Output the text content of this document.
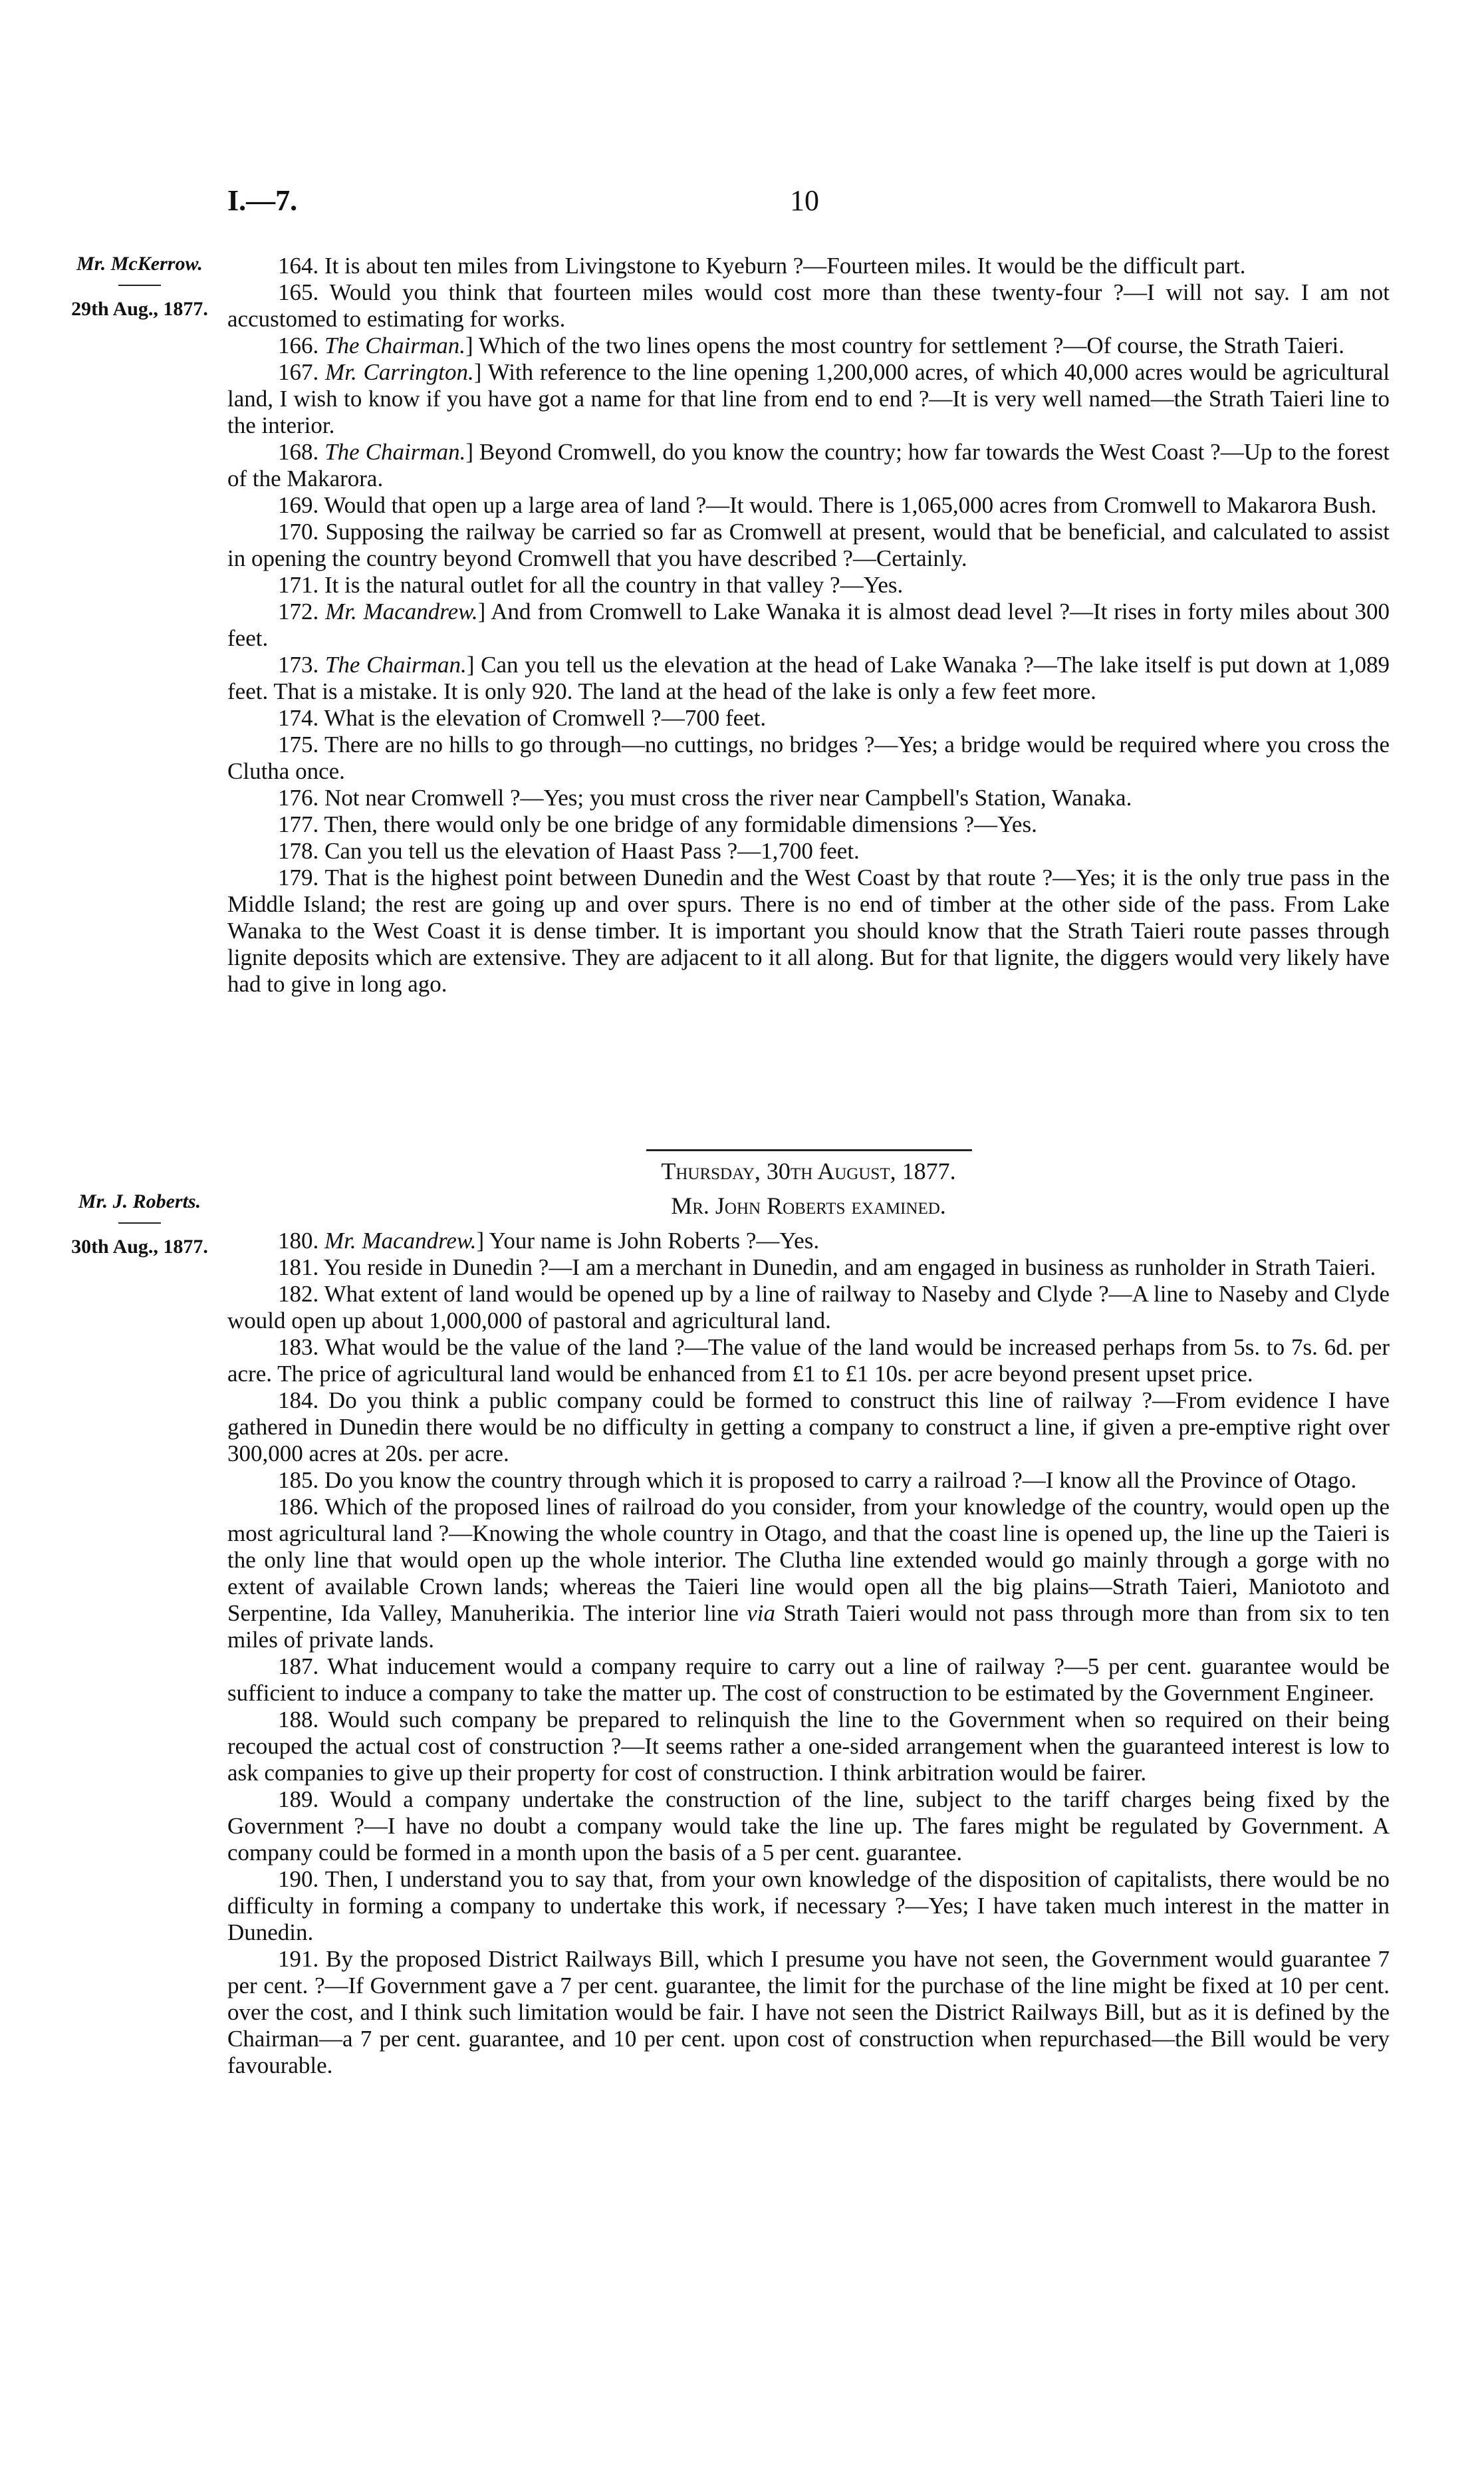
I.—7.	10
Mr. McKerrow.
29th Aug., 1877.
Mr. J. Roberts.
30th Aug., 1877.

164. It is about ten miles from Livingstone to Kyeburn ?—Fourteen miles. It would be the difficult part.

165. Would you think that fourteen miles would cost more than these twenty-four ?—I will not say. I am not accustomed to estimating for works.

166. The Chairman.] Which of the two lines opens the most country for settlement ?—Of course, the Strath Taieri.

167. Mr. Carrington.] With reference to the line opening 1,200,000 acres, of which 40,000 acres would be agricultural land, I wish to know if you have got a name for that line from end to end ?—It is very well named—the Strath Taieri line to the interior.

168. The Chairman.] Beyond Cromwell, do you know the country; how far towards the West Coast ?—Up to the forest of the Makarora.

169. Would that open up a large area of land ?—It would. There is 1,065,000 acres from Cromwell to Makarora Bush.

170. Supposing the railway be carried so far as Cromwell at present, would that be beneficial, and calculated to assist in opening the country beyond Cromwell that you have described ?—Certainly.

171. It is the natural outlet for all the country in that valley ?—Yes.

172. Mr. Macandrew.] And from Cromwell to Lake Wanaka it is almost dead level ?—It rises in forty miles about 300 feet.

173. The Chairman.] Can you tell us the elevation at the head of Lake Wanaka ?—The lake itself is put down at 1,089 feet. That is a mistake. It is only 920. The land at the head of the lake is only a few feet more.

174. What is the elevation of Cromwell ?—700 feet.

175. There are no hills to go through—no cuttings, no bridges ?—Yes; a bridge would be required where you cross the Clutha once.

176. Not near Cromwell ?—Yes; you must cross the river near Campbell's Station, Wanaka.

177. Then, there would only be one bridge of any formidable dimensions ?—Yes.

178. Can you tell us the elevation of Haast Pass ?—1,700 feet.

179. That is the highest point between Dunedin and the West Coast by that route ?—Yes; it is the only true pass in the Middle Island; the rest are going up and over spurs. There is no end of timber at the other side of the pass. From Lake Wanaka to the West Coast it is dense timber. It is important you should know that the Strath Taieri route passes through lignite deposits which are extensive. They are adjacent to it all along. But for that lignite, the diggers would very likely have had to give in long ago.

Thursday, 30th August, 1877.
Mr. John Roberts examined.

180. Mr. Macandrew.] Your name is John Roberts ?—Yes.

181. You reside in Dunedin ?—I am a merchant in Dunedin, and am engaged in business as runholder in Strath Taieri.

182. What extent of land would be opened up by a line of railway to Naseby and Clyde ?—A line to Naseby and Clyde would open up about 1,000,000 of pastoral and agricultural land.

183. What would be the value of the land ?—The value of the land would be increased perhaps from 5s. to 7s. 6d. per acre. The price of agricultural land would be enhanced from £1 to £1 10s. per acre beyond present upset price.

184. Do you think a public company could be formed to construct this line of railway ?—From evidence I have gathered in Dunedin there would be no difficulty in getting a company to construct a line, if given a pre-emptive right over 300,000 acres at 20s. per acre.

185. Do you know the country through which it is proposed to carry a railroad ?—I know all the Province of Otago.

186. Which of the proposed lines of railroad do you consider, from your knowledge of the country, would open up the most agricultural land ?—Knowing the whole country in Otago, and that the coast line is opened up, the line up the Taieri is the only line that would open up the whole interior. The Clutha line extended would go mainly through a gorge with no extent of available Crown lands; whereas the Taieri line would open all the big plains—Strath Taieri, Maniototo and Serpentine, Ida Valley, Manuherikia. The interior line via Strath Taieri would not pass through more than from six to ten miles of private lands.

187. What inducement would a company require to carry out a line of railway ?—5 per cent. guarantee would be sufficient to induce a company to take the matter up. The cost of construction to be estimated by the Government Engineer.

188. Would such company be prepared to relinquish the line to the Government when so required on their being recouped the actual cost of construction ?—It seems rather a one-sided arrangement when the guaranteed interest is low to ask companies to give up their property for cost of construction. I think arbitration would be fairer.

189. Would a company undertake the construction of the line, subject to the tariff charges being fixed by the Government ?—I have no doubt a company would take the line up. The fares might be regulated by Government. A company could be formed in a month upon the basis of a 5 per cent. guarantee.

190. Then, I understand you to say that, from your own knowledge of the disposition of capitalists, there would be no difficulty in forming a company to undertake this work, if necessary ?—Yes; I have taken much interest in the matter in Dunedin.

191. By the proposed District Railways Bill, which I presume you have not seen, the Government would guarantee 7 per cent. ?—If Government gave a 7 per cent. guarantee, the limit for the purchase of the line might be fixed at 10 per cent. over the cost, and I think such limitation would be fair. I have not seen the District Railways Bill, but as it is defined by the Chairman—a 7 per cent. guarantee, and 10 per cent. upon cost of construction when repurchased—the Bill would be very favourable.
